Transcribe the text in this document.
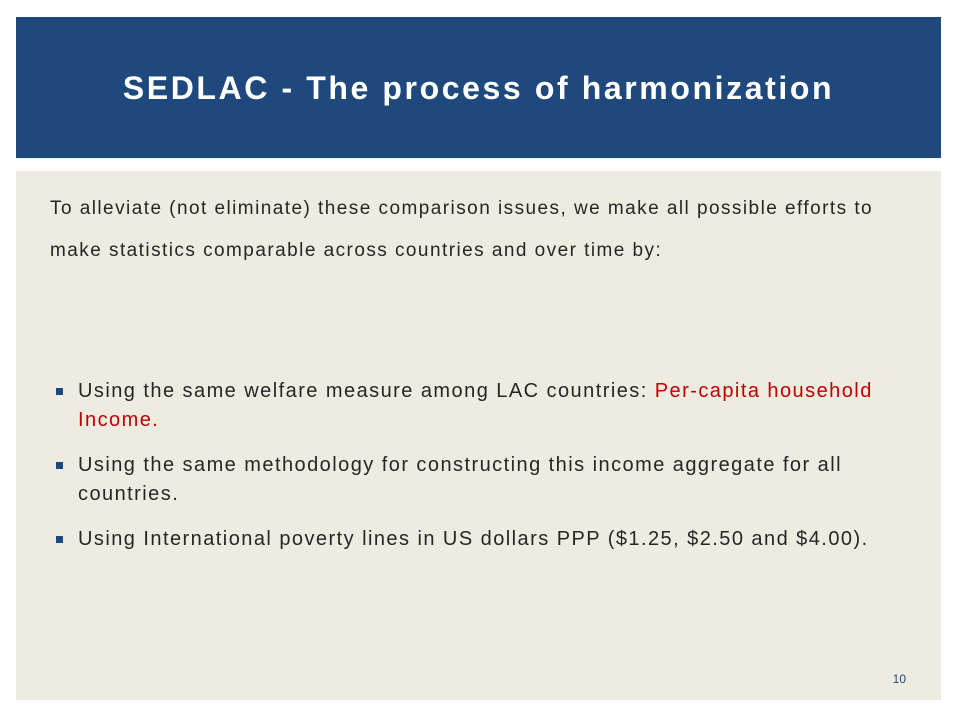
SEDLAC - The process of harmonization

To alleviate (not eliminate) these comparison issues, we make all possible efforts to make statistics comparable across countries and over time by:

Using the same welfare measure among LAC countries: Per-capita household Income.
Using the same methodology for constructing this income aggregate for all countries.
Using International poverty lines in US dollars PPP ($1.25, $2.50 and $4.00).
10
